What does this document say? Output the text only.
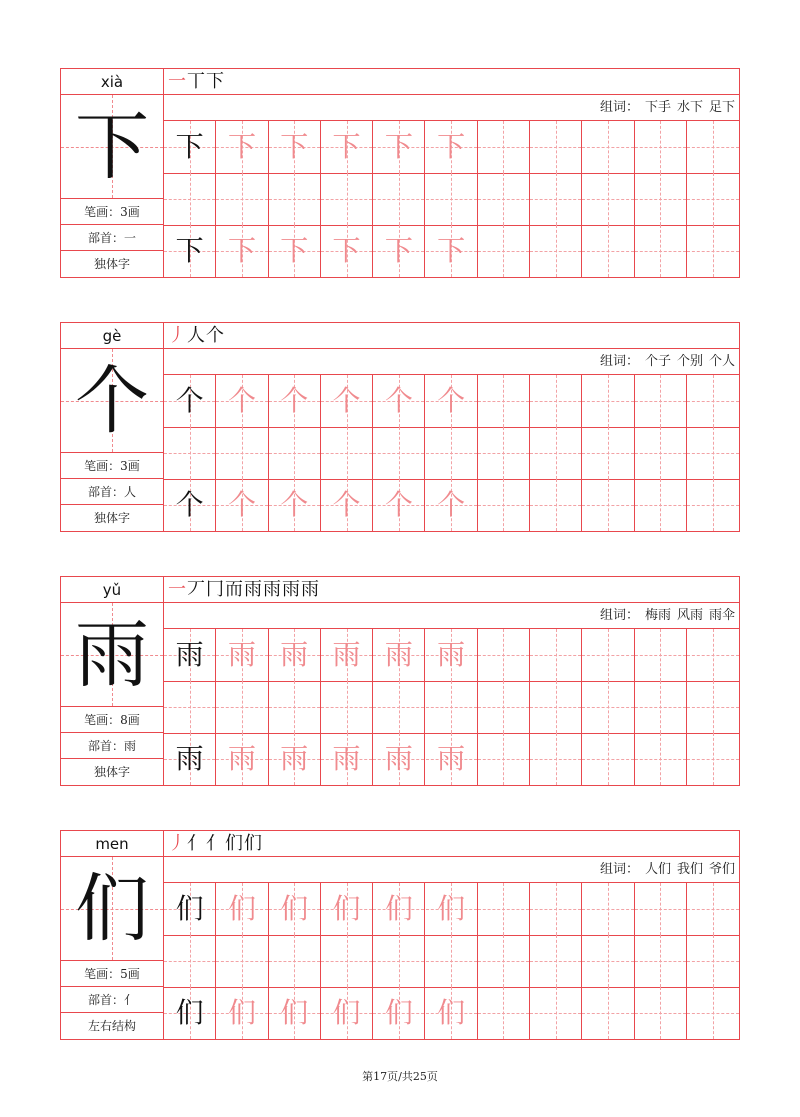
xià
下
笔画：3画
部首：一
独体字
一丅下
组词： 下手 水下 足下
下 下 下 下 下 下
下 下 下 下 下 下
gè
个
笔画：3画
部首：人
独体字
丿人个
组词： 个子 个别 个人
个 个 个 个 个 个
个 个 个 个 个 个
yǔ
雨
笔画：8画
部首：雨
独体字
一丆冂而雨雨雨雨
组词： 梅雨 风雨 雨伞
雨 雨 雨 雨 雨 雨
雨 雨 雨 雨 雨 雨
men
们
笔画：5画
部首：亻
左右结构
丿亻亻们们
组词： 人们 我们 爷们
们 们 们 们 们 们
们 们 们 们 们 们
第17页/共25页
